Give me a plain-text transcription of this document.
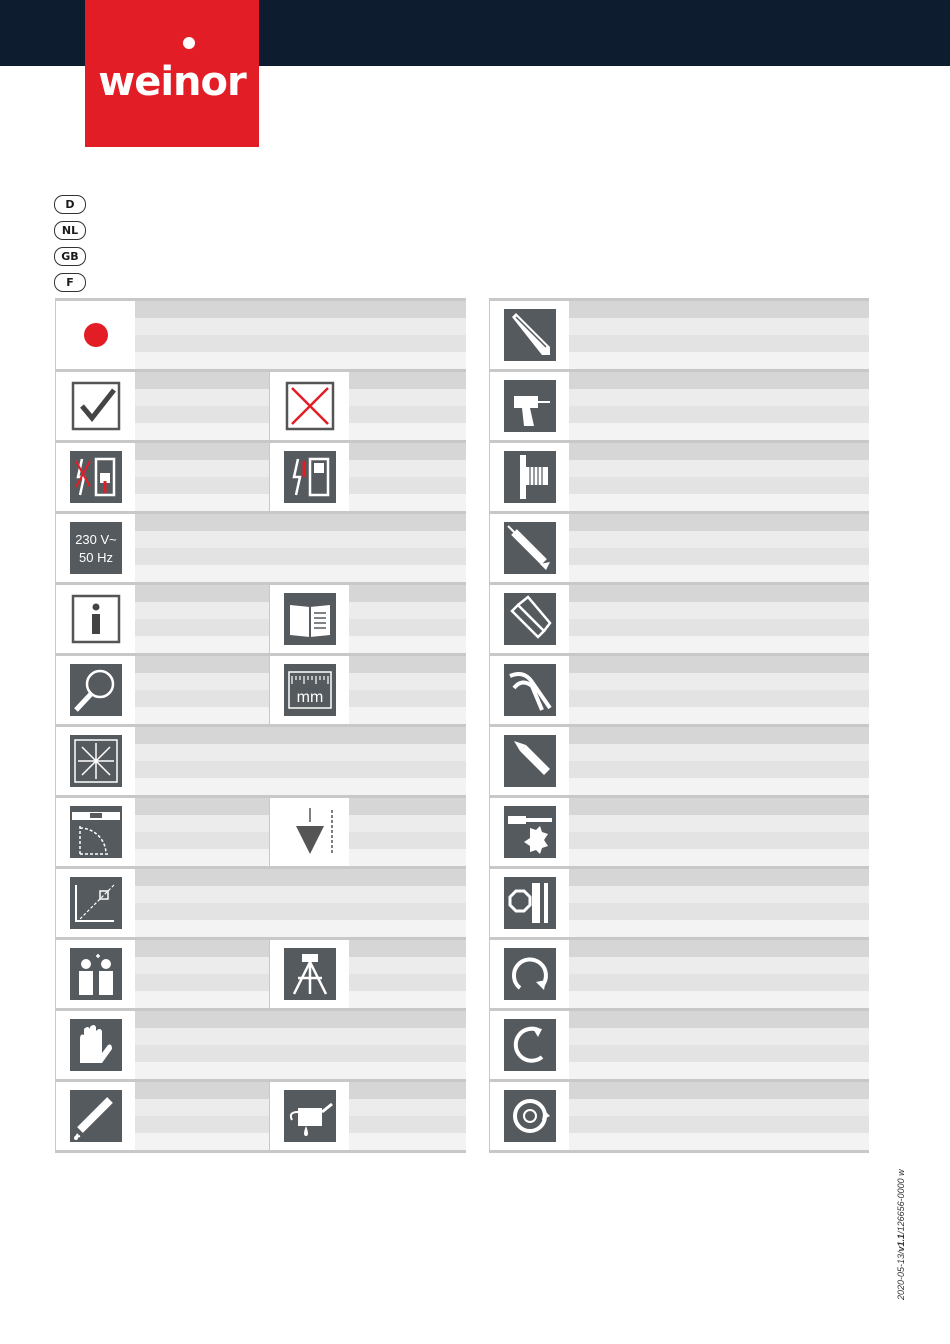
weinor
D
NL
GB
F
230 V~
50 Hz
mm
2020-05-13/v1.1/126656-0000 w
